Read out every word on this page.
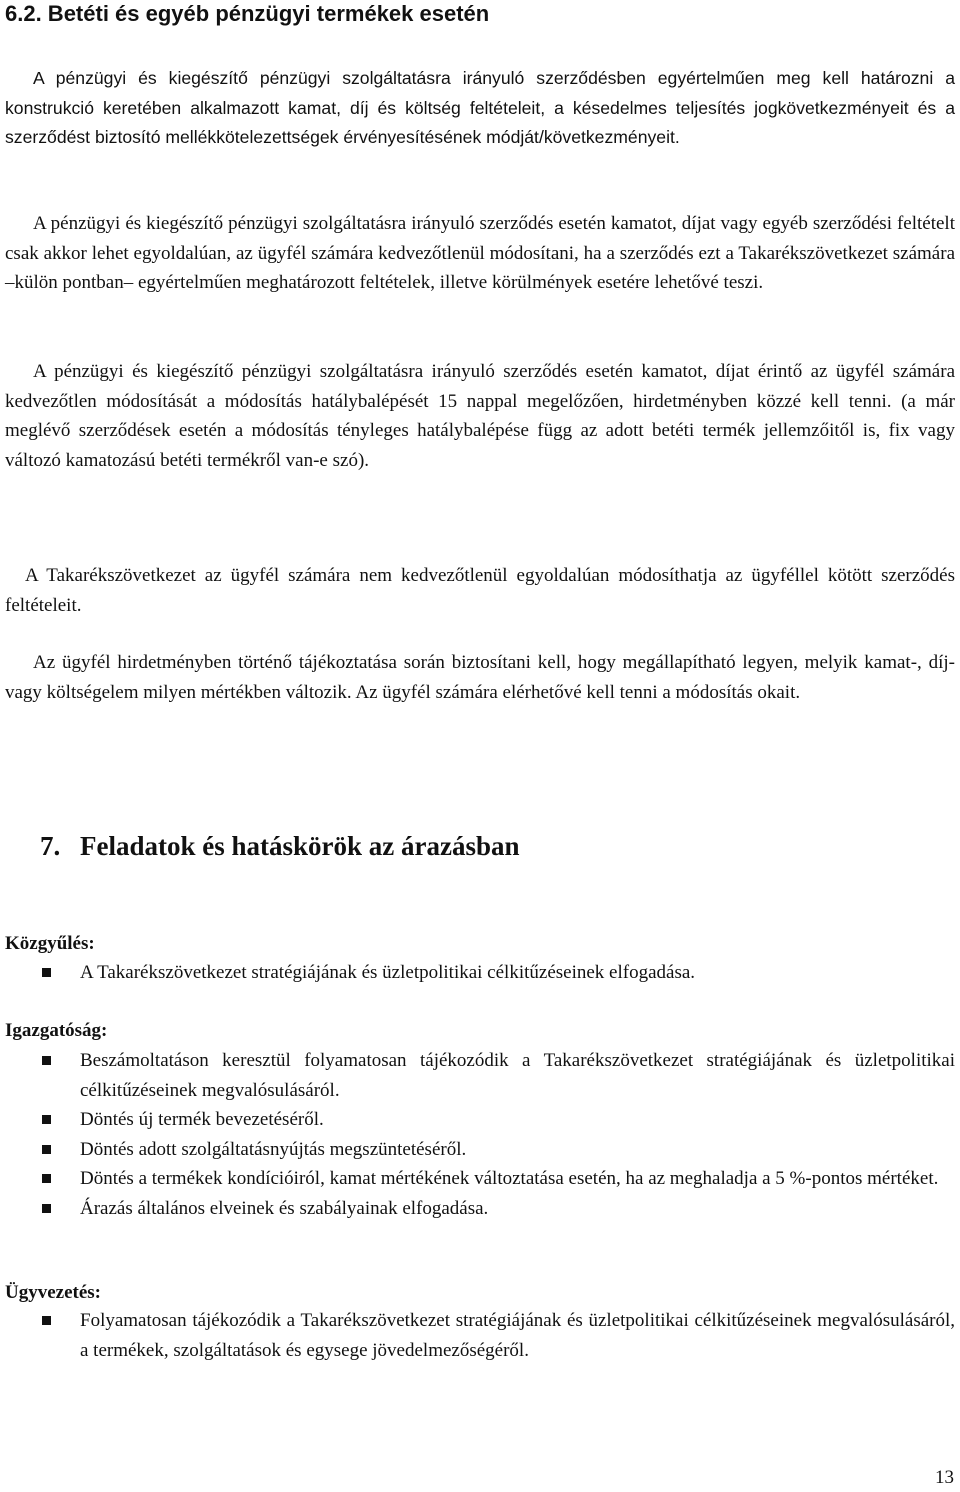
6.2. Betéti és egyéb pénzügyi termékek esetén

A pénzügyi és kiegészítő pénzügyi szolgáltatásra irányuló szerződésben egyértelműen meg kell határozni a konstrukció keretében alkalmazott kamat, díj és költség feltételeit, a késedelmes teljesítés jogkövetkezményeit és a szerződést biztosító mellékkötelezettségek érvényesítésének módját/következményeit.

A pénzügyi és kiegészítő pénzügyi szolgáltatásra irányuló szerződés esetén kamatot, díjat vagy egyéb szerződési feltételt csak akkor lehet egyoldalúan, az ügyfél számára kedvezőtlenül módosítani, ha a szerződés ezt a Takarékszövetkezet számára –külön pontban– egyértelműen meghatározott feltételek, illetve körülmények esetére lehetővé teszi.

A pénzügyi és kiegészítő pénzügyi szolgáltatásra irányuló szerződés esetén kamatot, díjat érintő az ügyfél számára kedvezőtlen módosítását a módosítás hatálybalépését 15 nappal megelőzően, hirdetményben közzé kell tenni. (a már meglévő szerződések esetén a módosítás tényleges hatálybalépése függ az adott betéti termék jellemzőitől is, fix vagy változó kamatozású betéti termékről van-e szó).

A Takarékszövetkezet az ügyfél számára nem kedvezőtlenül egyoldalúan módosíthatja az ügyféllel kötött szerződés feltételeit.

Az ügyfél hirdetményben történő tájékoztatása során biztosítani kell, hogy megállapítható legyen, melyik kamat-, díj- vagy költségelem milyen mértékben változik. Az ügyfél számára elérhetővé kell tenni a módosítás okait.

7. Feladatok és hatáskörök az árazásban
Közgyűlés:
A Takarékszövetkezet stratégiájának és üzletpolitikai célkitűzéseinek elfogadása.
Igazgatóság:
Beszámoltatáson keresztül folyamatosan tájékozódik a Takarékszövetkezet stratégiájának és üzletpolitikai célkitűzéseinek megvalósulásáról.
Döntés új termék bevezetéséről.
Döntés adott szolgáltatásnyújtás megszüntetéséről.
Döntés a termékek kondícióiról, kamat mértékének változtatása esetén, ha az meghaladja a 5 %-pontos mértéket.
Árazás általános elveinek és szabályainak elfogadása.
Ügyvezetés:
Folyamatosan tájékozódik a Takarékszövetkezet stratégiájának és üzletpolitikai célkitűzéseinek megvalósulásáról, a termékek, szolgáltatások és egysege jövedelmezőségéről.
13
